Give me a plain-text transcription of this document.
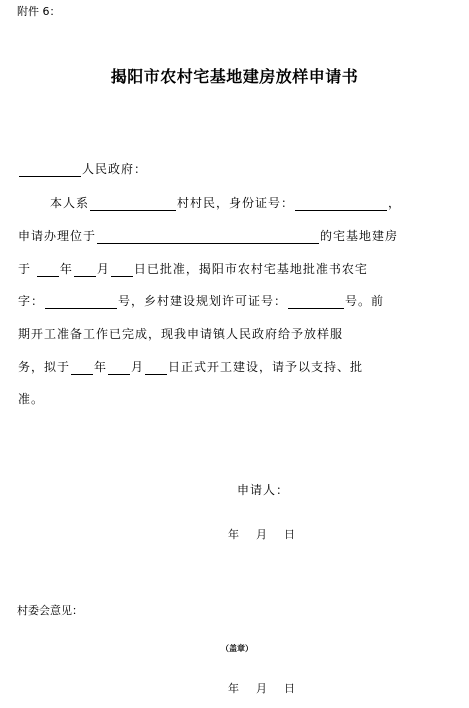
附件 6：
揭阳市农村宅基地建房放样申请书
人民政府：
本人系	村村民，身份证号：	，
申请办理位于	的宅基地建房
于 年 月 日已批准，揭阳市农村宅基地批准书农宅
字：	号，乡村建设规划许可证号：	号。前
期开工准备工作已完成，现我申请镇人民政府给予放样服
务，拟于 年 月 日正式开工建设，请予以支持、批
准。
申请人：
年 月 日
村委会意见：
（盖章）
年 月 日
